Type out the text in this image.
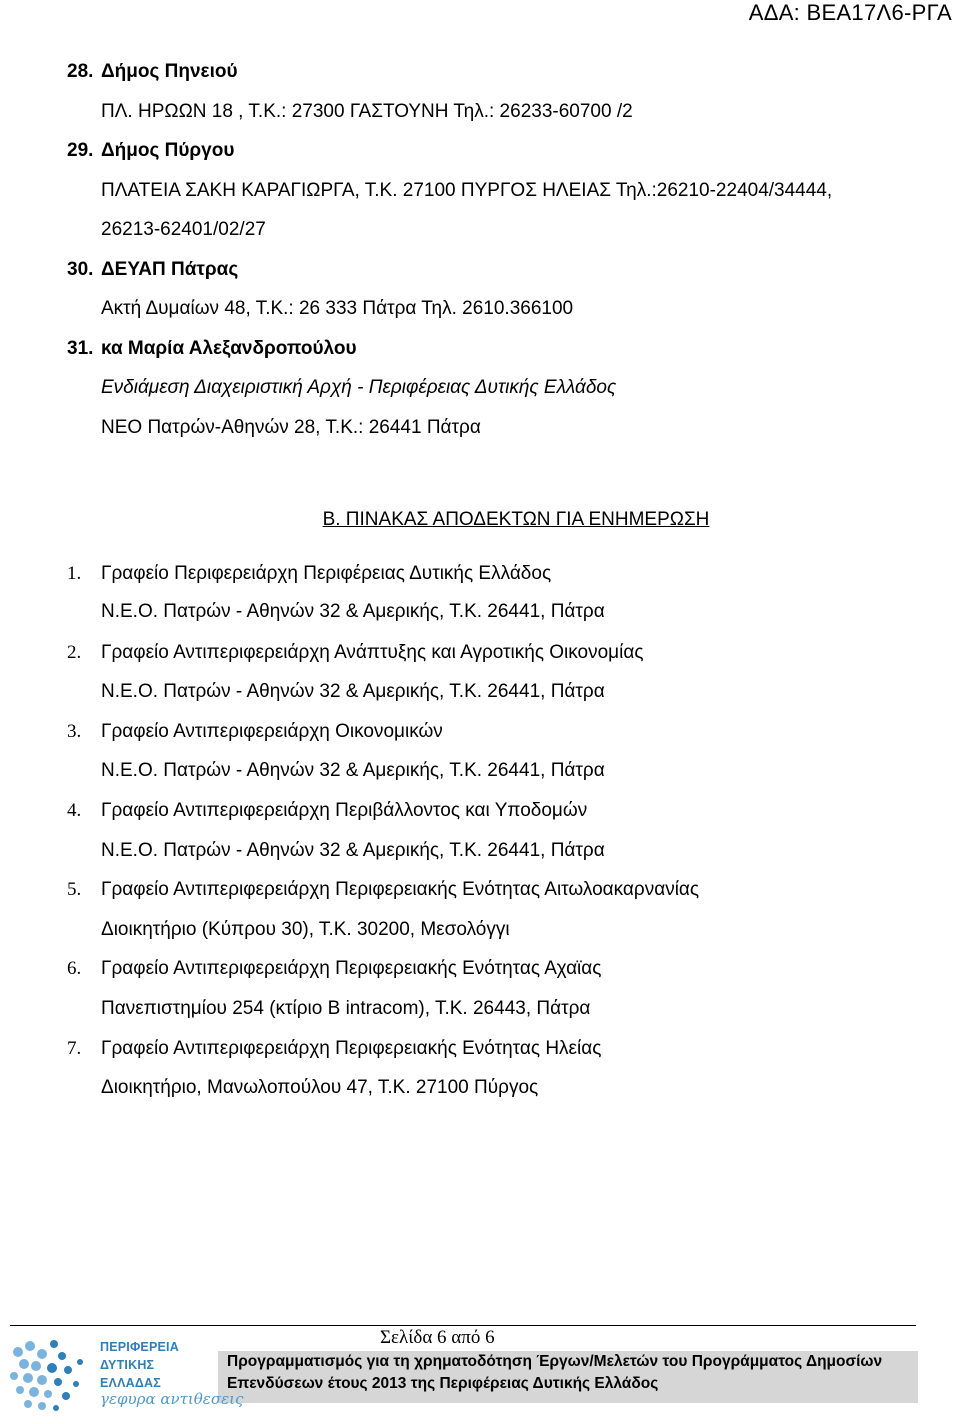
ΑΔΑ: ΒΕΑ17Λ6-ΡΓΑ
28. Δήμος Πηνειού
ΠΛ. ΗΡΩΩΝ 18 , Τ.Κ.: 27300 ΓΑΣΤΟΥΝΗ Τηλ.: 26233-60700 /2
29. Δήμος Πύργου
ΠΛΑΤΕΙΑ ΣΑΚΗ ΚΑΡΑΓΙΩΡΓΑ, Τ.Κ. 27100 ΠΥΡΓΟΣ ΗΛΕΙΑΣ Τηλ.:26210-22404/34444,
26213-62401/02/27
30. ΔΕΥΑΠ Πάτρας
Ακτή Δυμαίων 48, Τ.Κ.: 26 333 Πάτρα Τηλ. 2610.366100
31. κα Μαρία Αλεξανδροπούλου
Ενδιάμεση Διαχειριστική Αρχή - Περιφέρειας Δυτικής Ελλάδος
ΝΕΟ Πατρών-Αθηνών 28, Τ.Κ.: 26441 Πάτρα
Β. ΠΙΝΑΚΑΣ ΑΠΟΔΕΚΤΩΝ ΓΙΑ ΕΝΗΜΕΡΩΣΗ
1. Γραφείο Περιφερειάρχη Περιφέρειας Δυτικής Ελλάδος
Ν.Ε.Ο. Πατρών - Αθηνών 32 & Αμερικής, Τ.Κ. 26441, Πάτρα
2. Γραφείο Αντιπεριφερειάρχη Ανάπτυξης και Αγροτικής Οικονομίας
Ν.Ε.Ο. Πατρών - Αθηνών 32 & Αμερικής, Τ.Κ. 26441, Πάτρα
3. Γραφείο Αντιπεριφερειάρχη Οικονομικών
Ν.Ε.Ο. Πατρών - Αθηνών 32 & Αμερικής, Τ.Κ. 26441, Πάτρα
4. Γραφείο Αντιπεριφερειάρχη Περιβάλλοντος και Υποδομών
Ν.Ε.Ο. Πατρών - Αθηνών 32 & Αμερικής, Τ.Κ. 26441, Πάτρα
5. Γραφείο Αντιπεριφερειάρχη Περιφερειακής Ενότητας Αιτωλοακαρνανίας
Διοικητήριο (Κύπρου 30), Τ.Κ. 30200, Μεσολόγγι
6. Γραφείο Αντιπεριφερειάρχη Περιφερειακής Ενότητας Αχαϊας
Πανεπιστημίου 254 (κτίριο Β intracom), Τ.Κ. 26443, Πάτρα
7. Γραφείο Αντιπεριφερειάρχη Περιφερειακής Ενότητας Ηλείας
Διοικητήριο, Μανωλοπούλου 47, Τ.Κ. 27100 Πύργος
Σελίδα 6 από 6
Προγραμματισμός για τη χρηματοδότηση Έργων/Μελετών του Προγράμματος Δημοσίων
Επενδύσεων έτους 2013 της Περιφέρειας Δυτικής Ελλάδος
ΠΕΡΙΦΕΡΕΙΑ
ΔΥΤΙΚΗΣ
ΕΛΛΑΔΑΣ
γεφυρα αντιθεσεις
